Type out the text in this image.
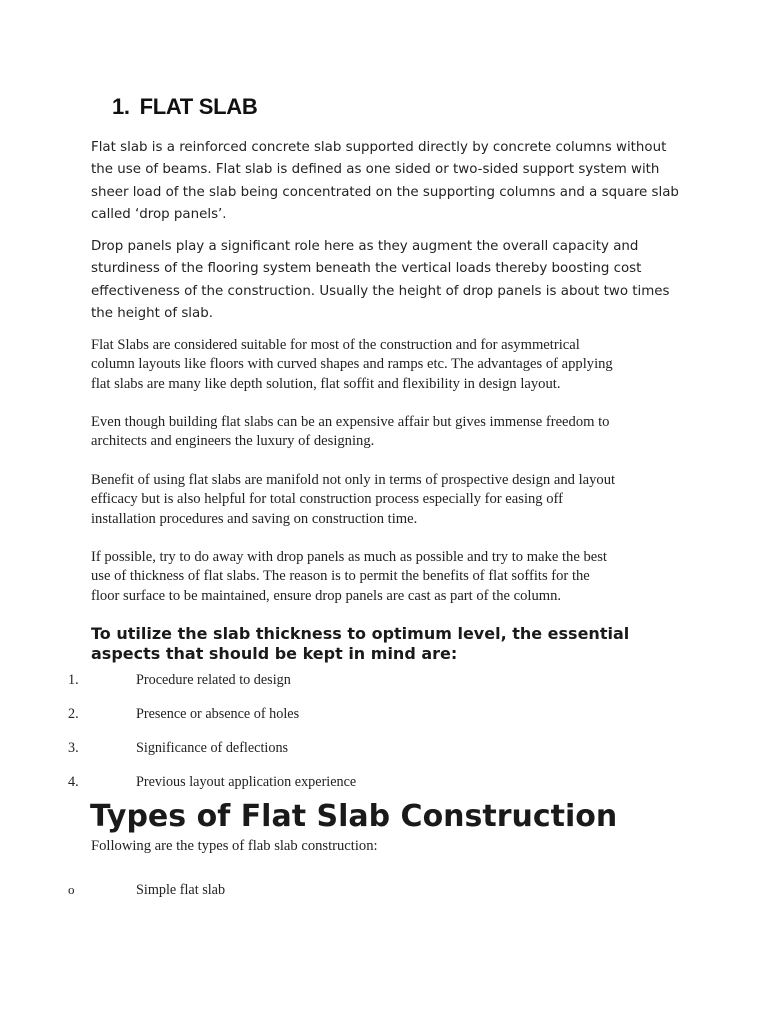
1. FLAT SLAB

Flat slab is a reinforced concrete slab supported directly by concrete columns without
the use of beams. Flat slab is defined as one sided or two-sided support system with
sheer load of the slab being concentrated on the supporting columns and a square slab
called ‘drop panels’.

Drop panels play a significant role here as they augment the overall capacity and
sturdiness of the flooring system beneath the vertical loads thereby boosting cost
effectiveness of the construction. Usually the height of drop panels is about two times
the height of slab.

Flat Slabs are considered suitable for most of the construction and for asymmetrical
column layouts like floors with curved shapes and ramps etc. The advantages of applying
flat slabs are many like depth solution, flat soffit and flexibility in design layout.

Even though building flat slabs can be an expensive affair but gives immense freedom to
architects and engineers the luxury of designing.

Benefit of using flat slabs are manifold not only in terms of prospective design and layout
efficacy but is also helpful for total construction process especially for easing off
installation procedures and saving on construction time.

If possible, try to do away with drop panels as much as possible and try to make the best
use of thickness of flat slabs. The reason is to permit the benefits of flat soffits for the
floor surface to be maintained, ensure drop panels are cast as part of the column.

To utilize the slab thickness to optimum level, the essential
aspects that should be kept in mind are:
1.	Procedure related to design
2.	Presence or absence of holes
3.	Significance of deflections
4.	Previous layout application experience
Types of Flat Slab Construction
Following are the types of flab slab construction:
o	Simple flat slab
